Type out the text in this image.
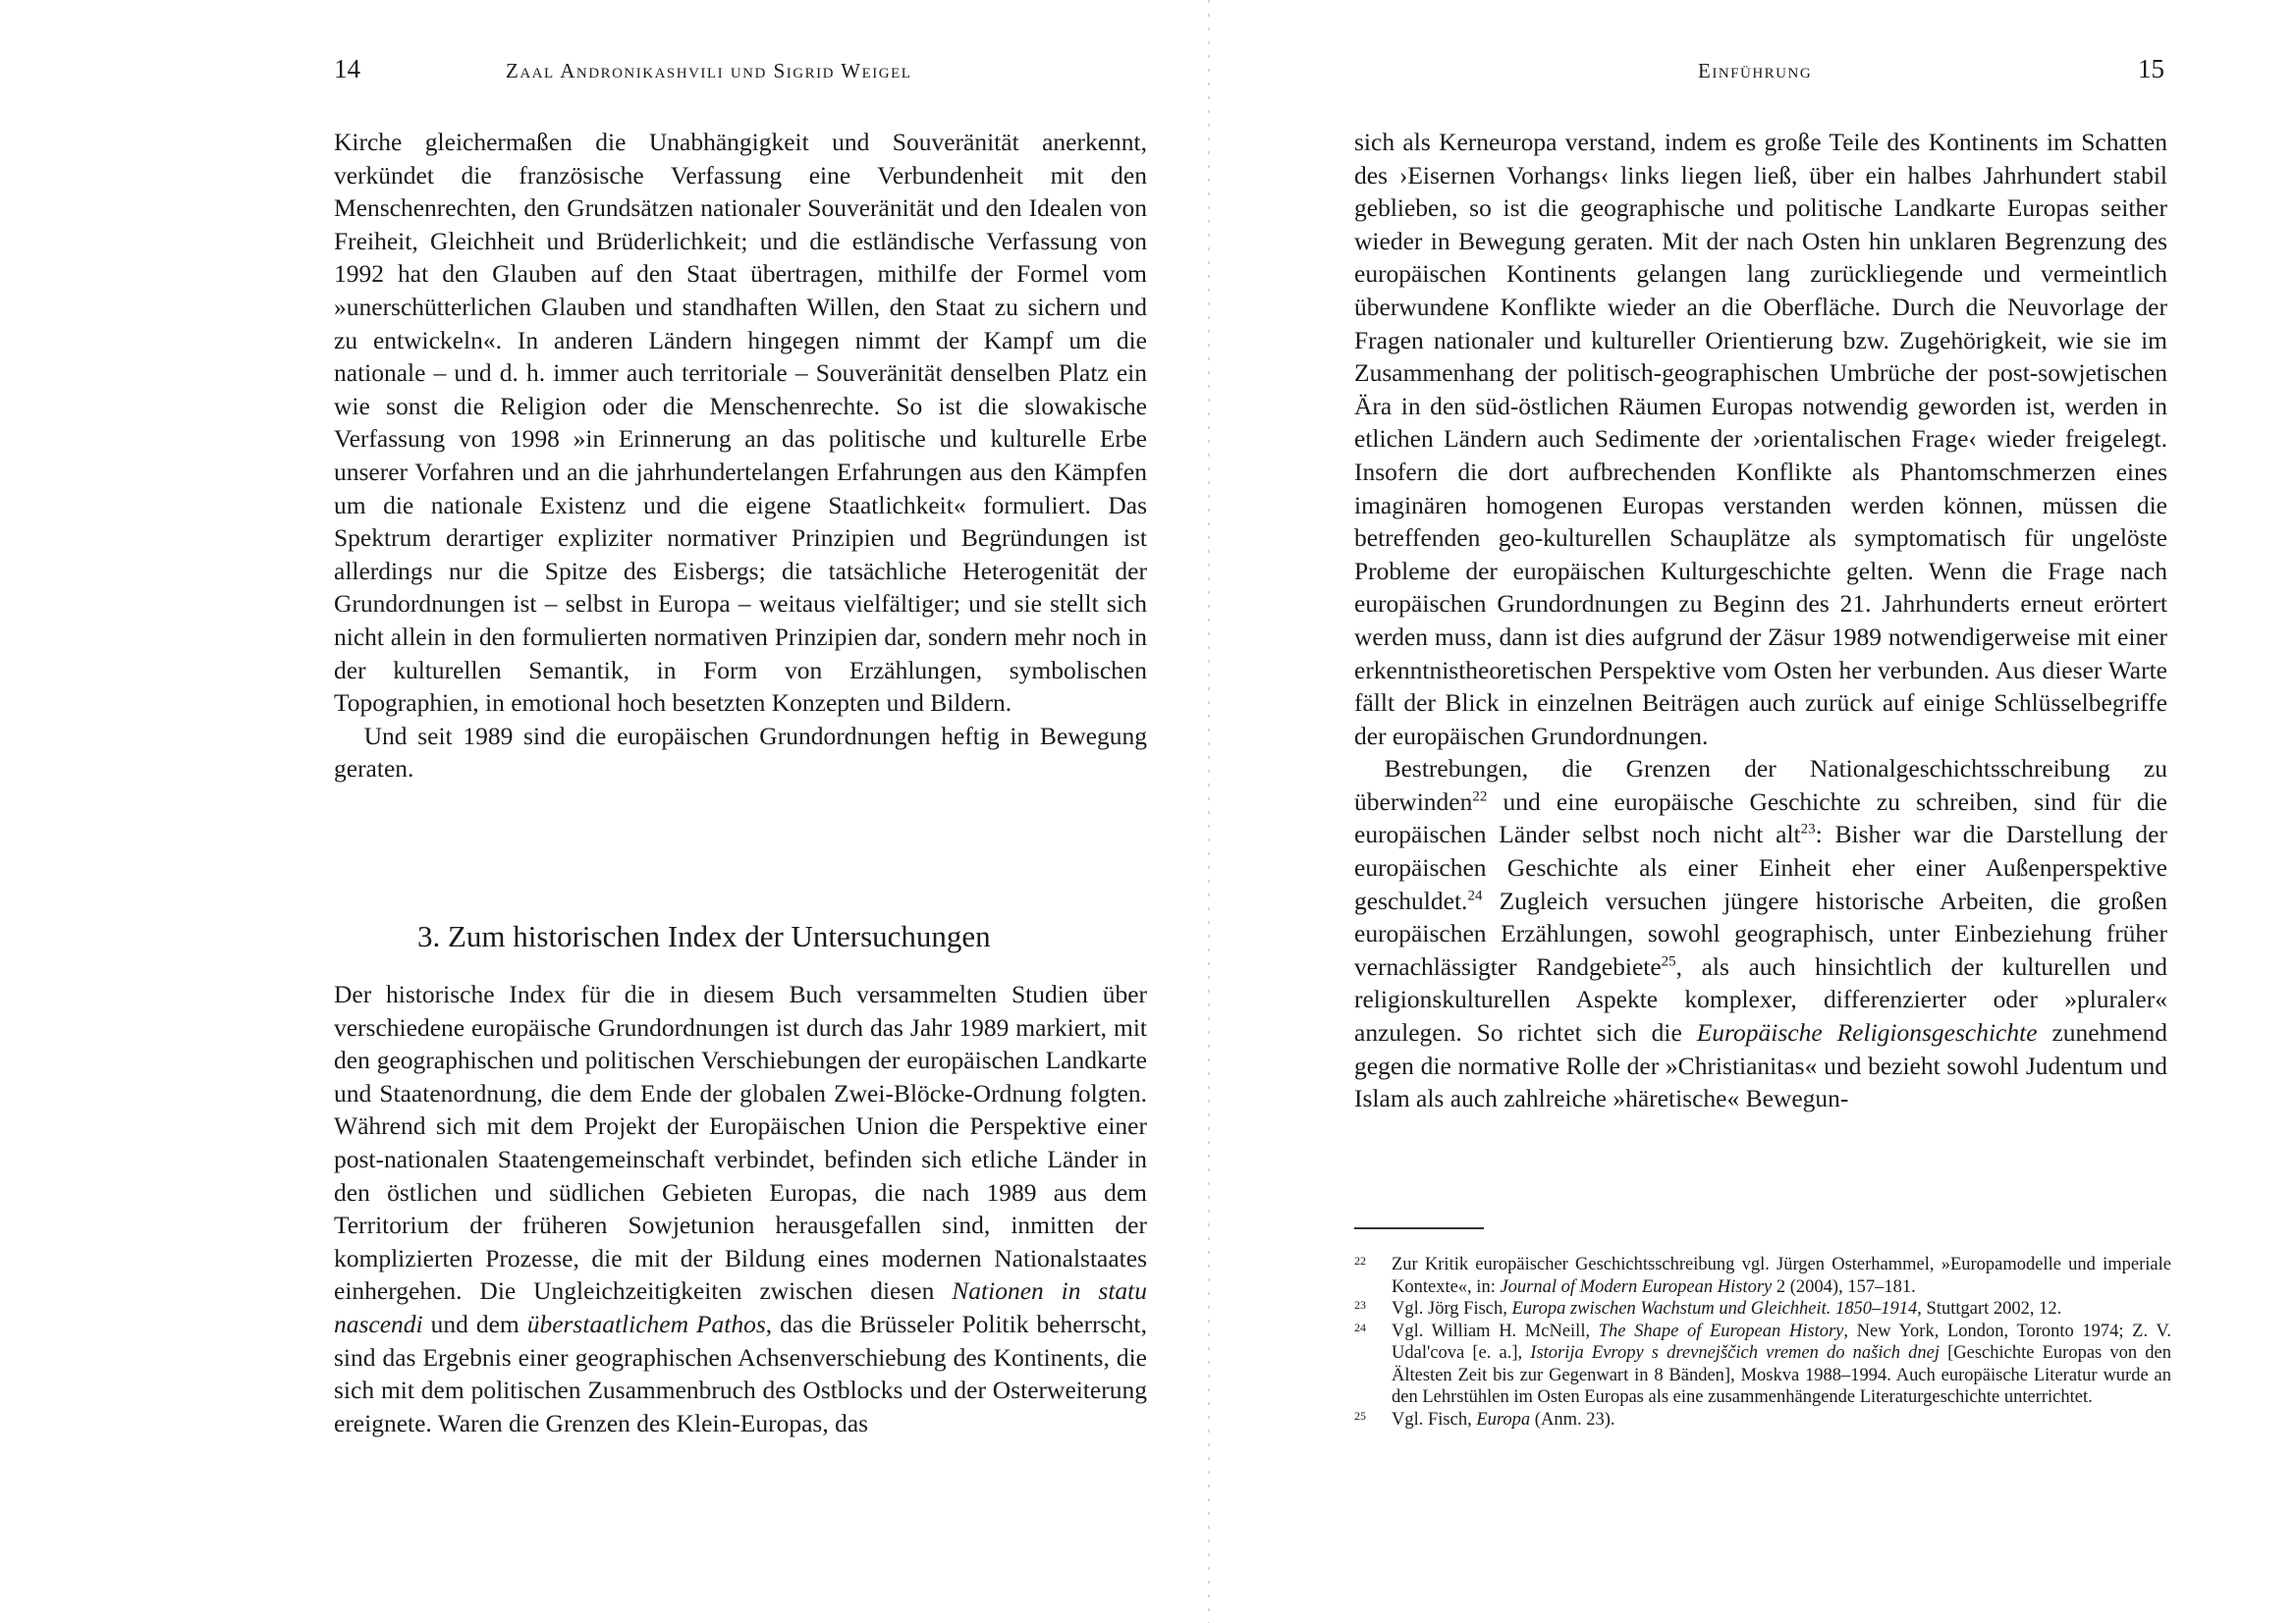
14	Zaal Andronikashvili und Sigrid Weigel

Kirche gleichermaßen die Unabhängigkeit und Souveränität anerkennt, verkündet die französische Verfassung eine Verbundenheit mit den Menschenrechten, den Grundsätzen nationaler Souveränität und den Idealen von Freiheit, Gleichheit und Brüderlichkeit; und die estländische Verfassung von 1992 hat den Glauben auf den Staat übertragen, mithilfe der Formel vom »unerschütterlichen Glauben und standhaften Willen, den Staat zu sichern und zu entwickeln«. In anderen Ländern hingegen nimmt der Kampf um die nationale – und d. h. immer auch territoriale – Souveränität denselben Platz ein wie sonst die Religion oder die Menschenrechte. So ist die slowakische Verfassung von 1998 »in Erinnerung an das politische und kulturelle Erbe unserer Vorfahren und an die jahrhundertelangen Erfahrungen aus den Kämpfen um die nationale Existenz und die eigene Staatlichkeit« formuliert. Das Spektrum derartiger expliziter normativer Prinzipien und Begründungen ist allerdings nur die Spitze des Eisbergs; die tatsächliche Heterogenität der Grundordnungen ist – selbst in Europa – weitaus vielfältiger; und sie stellt sich nicht allein in den formulierten normativen Prinzipien dar, sondern mehr noch in der kulturellen Semantik, in Form von Erzählungen, symbolischen Topographien, in emotional hoch besetzten Konzepten und Bildern.

Und seit 1989 sind die europäischen Grundordnungen heftig in Bewegung geraten.

3. Zum historischen Index der Untersuchungen

Der historische Index für die in diesem Buch versammelten Studien über verschiedene europäische Grundordnungen ist durch das Jahr 1989 markiert, mit den geographischen und politischen Verschiebungen der europäischen Landkarte und Staatenordnung, die dem Ende der globalen Zwei-Blöcke-Ordnung folgten. Während sich mit dem Projekt der Europäischen Union die Perspektive einer post-nationalen Staatengemeinschaft verbindet, befinden sich etliche Länder in den östlichen und südlichen Gebieten Europas, die nach 1989 aus dem Territorium der früheren Sowjetunion herausgefallen sind, inmitten der komplizierten Prozesse, die mit der Bildung eines modernen Nationalstaates einhergehen. Die Ungleichzeitigkeiten zwischen diesen Nationen in statu nascendi und dem überstaatlichem Pathos, das die Brüsseler Politik beherrscht, sind das Ergebnis einer geographischen Achsenverschiebung des Kontinents, die sich mit dem politischen Zusammenbruch des Ostblocks und der Osterweiterung ereignete. Waren die Grenzen des Klein-Europas, das

Einführung	15

sich als Kerneuropa verstand, indem es große Teile des Kontinents im Schatten des ›Eisernen Vorhangs‹ links liegen ließ, über ein halbes Jahrhundert stabil geblieben, so ist die geographische und politische Landkarte Europas seither wieder in Bewegung geraten. Mit der nach Osten hin unklaren Begrenzung des europäischen Kontinents gelangen lang zurückliegende und vermeintlich überwundene Konflikte wieder an die Oberfläche. Durch die Neuvorlage der Fragen nationaler und kultureller Orientierung bzw. Zugehörigkeit, wie sie im Zusammenhang der politisch-geographischen Umbrüche der post-sowjetischen Ära in den süd-östlichen Räumen Europas notwendig geworden ist, werden in etlichen Ländern auch Sedimente der ›orientalischen Frage‹ wieder freigelegt. Insofern die dort aufbrechenden Konflikte als Phantomschmerzen eines imaginären homogenen Europas verstanden werden können, müssen die betreffenden geo-kulturellen Schauplätze als symptomatisch für ungelöste Probleme der europäischen Kulturgeschichte gelten. Wenn die Frage nach europäischen Grundordnungen zu Beginn des 21. Jahrhunderts erneut erörtert werden muss, dann ist dies aufgrund der Zäsur 1989 notwendigerweise mit einer erkenntnistheoretischen Perspektive vom Osten her verbunden. Aus dieser Warte fällt der Blick in einzelnen Beiträgen auch zurück auf einige Schlüsselbegriffe der europäischen Grundordnungen.

Bestrebungen, die Grenzen der Nationalgeschichtsschreibung zu überwinden$^{22}$ und eine europäische Geschichte zu schreiben, sind für die europäischen Länder selbst noch nicht alt$^{23}$: Bisher war die Darstellung der europäischen Geschichte als einer Einheit eher einer Außenperspektive geschuldet.$^{24}$ Zugleich versuchen jüngere historische Arbeiten, die großen europäischen Erzählungen, sowohl geographisch, unter Einbeziehung früher vernachlässigter Randgebiete$^{25}$, als auch hinsichtlich der kulturellen und religionskulturellen Aspekte komplexer, differenzierter oder »pluraler« anzulegen. So richtet sich die Europäische Religionsgeschichte zunehmend gegen die normative Rolle der »Christianitas« und bezieht sowohl Judentum und Islam als auch zahlreiche »häretische« Bewegun-

22 Zur Kritik europäischer Geschichtsschreibung vgl. Jürgen Osterhammel, »Europamodelle und imperiale Kontexte«, in: Journal of Modern European History 2 (2004), 157–181.

23 Vgl. Jörg Fisch, Europa zwischen Wachstum und Gleichheit. 1850–1914, Stuttgart 2002, 12.

24 Vgl. William H. McNeill, The Shape of European History, New York, London, Toronto 1974; Z. V. Udal'cova [e. a.], Istorija Evropy s drevnejščich vremen do našich dnej [Geschichte Europas von den Ältesten Zeit bis zur Gegenwart in 8 Bänden], Moskva 1988–1994. Auch europäische Literatur wurde an den Lehrstühlen im Osten Europas als eine zusammenhängende Literaturgeschichte unterrichtet.

25 Vgl. Fisch, Europa (Anm. 23).
